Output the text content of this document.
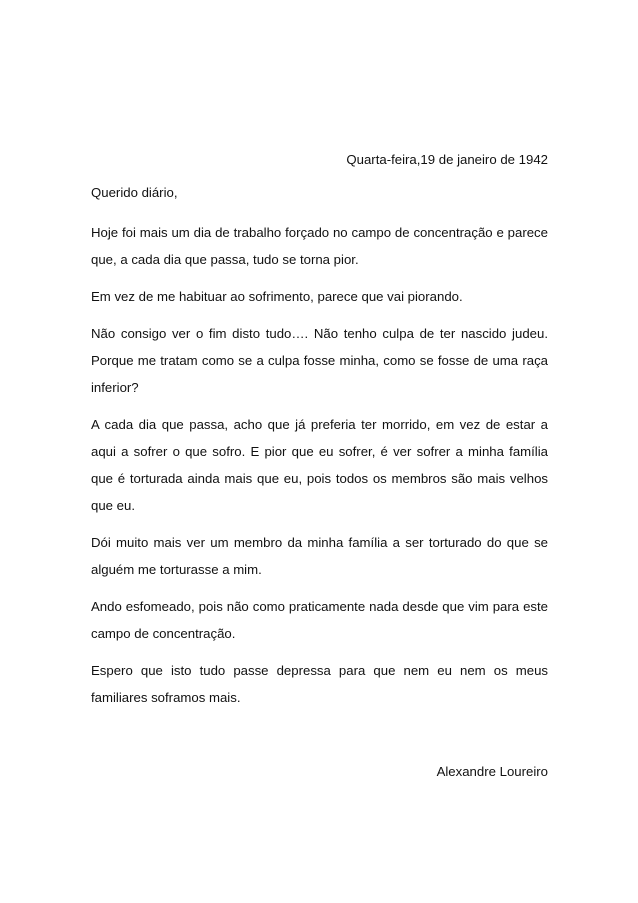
Quarta-feira,19 de janeiro de 1942
Querido diário,

Hoje foi mais um dia de trabalho forçado no campo de concentração e parece que, a cada dia que passa, tudo se torna pior.

Em vez de me habituar ao sofrimento, parece que vai piorando.

Não consigo ver o fim disto tudo…. Não tenho culpa de ter nascido judeu. Porque me tratam como se a culpa fosse minha, como se fosse de uma raça inferior?

A cada dia que passa, acho que já preferia ter morrido, em vez de estar a aqui a sofrer o que sofro. E pior que eu sofrer, é ver sofrer a minha família que é torturada ainda mais que eu, pois todos os membros são mais velhos que eu.

Dói muito mais ver um membro da minha família a ser torturado do que se alguém me torturasse a mim.

Ando esfomeado, pois não como praticamente nada desde que vim para este campo de concentração.

Espero que isto tudo passe depressa para que nem eu nem os meus familiares soframos mais.

Alexandre Loureiro
